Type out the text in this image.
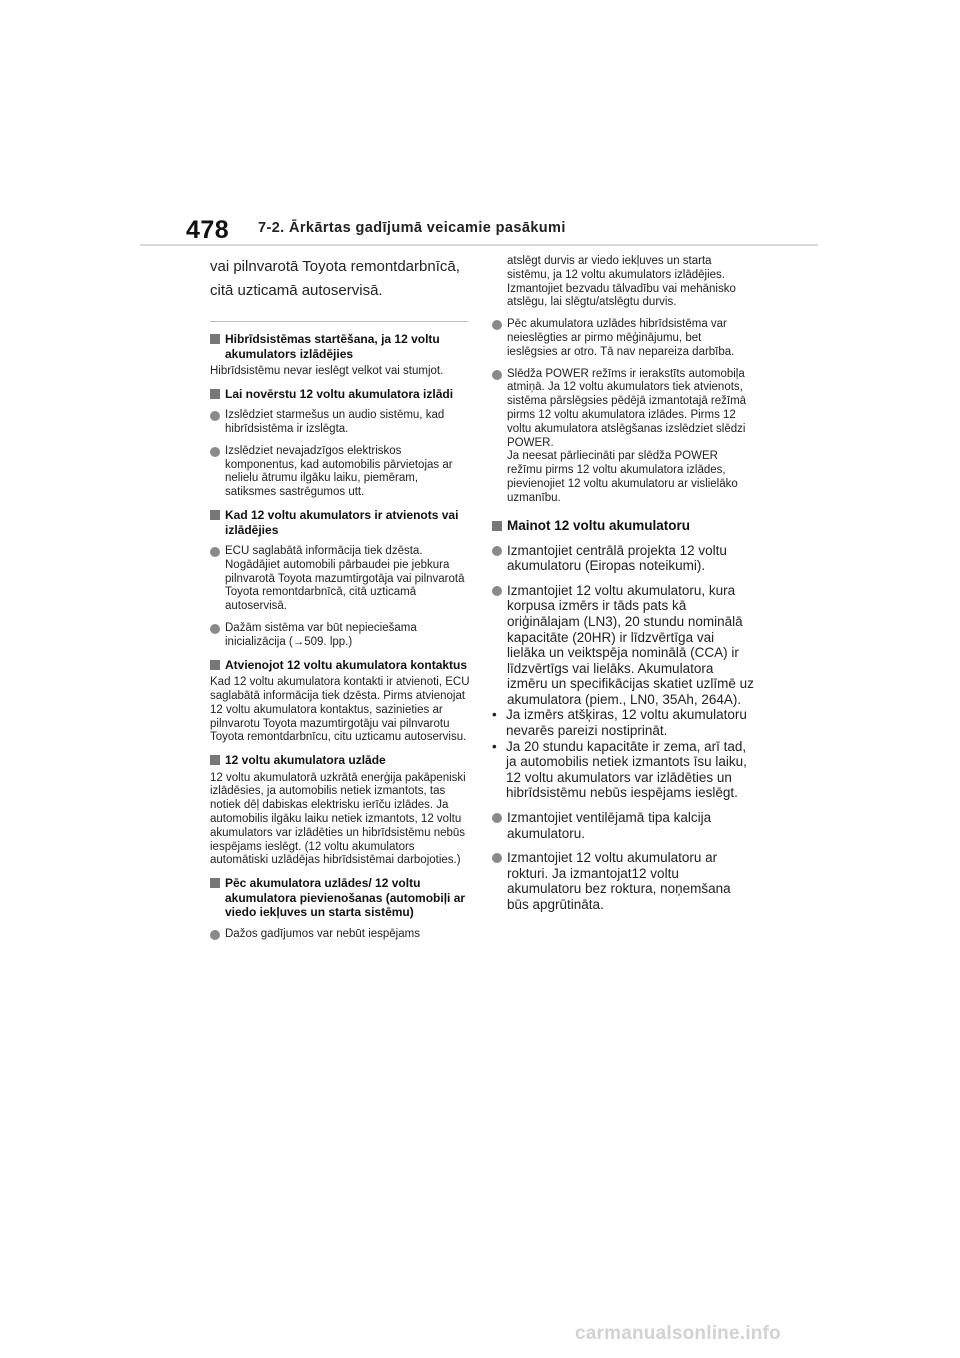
478 7-2. Ārkārtas gadījumā veicamie pasākumi
vai pilnvarotā Toyota remontdarbnīcā, citā uzticamā autoservisā.
Hibrīdsistēmas startēšana, ja 12 voltu akumulators izlādējies
Hibrīdsistēmu nevar ieslēgt velkot vai stumjot.
Lai novērstu 12 voltu akumulatora izlādi
Izslēdziet starmešus un audio sistēmu, kad hibrīdsistēma ir izslēgta.
Izslēdziet nevajadzīgos elektriskos komponentus, kad automobilis pārvietojas ar nelielu ātrumu ilgāku laiku, piemēram, satiksmes sastrēgumos utt.
Kad 12 voltu akumulators ir atvienots vai izlādējies
ECU saglabātā informācija tiek dzēsta. Nogādājiet automobili pārbaudei pie jebkura pilnvarotā Toyota mazumtirgotāja vai pilnvarotā Toyota remontdarbnīcā, citā uzticamā autoservisā.
Dažām sistēma var būt nepieciešama inicializācija (→509. lpp.)
Atvienojot 12 voltu akumulatora kontaktus
Kad 12 voltu akumulatora kontakti ir atvienoti, ECU saglabātā informācija tiek dzēsta. Pirms atvienojat 12 voltu akumulatora kontaktus, sazinieties ar pilnvarotu Toyota mazumtirgotāju vai pilnvarotu Toyota remontdarbnīcu, citu uzticamu autoservisu.
12 voltu akumulatora uzlāde
12 voltu akumulatorā uzkrātā enerģija pakāpeniski izlādēsies, ja automobilis netiek izmantots, tas notiek dēļ dabiskas elektrisku ierīču izlādes. Ja automobilis ilgāku laiku netiek izmantots, 12 voltu akumulators var izlādēties un hibrīdsistēmu nebūs iespējams ieslēgt. (12 voltu akumulators automātiski uzlādējas hibrīdsistēmai darbojoties.)
Pēc akumulatora uzlādes/ 12 voltu akumulatora pievienošanas (automobiļi ar viedo iekļuves un starta sistēmu)
Dažos gadījumos var nebūt iespējams
atslēgt durvis ar viedo iekļuves un starta sistēmu, ja 12 voltu akumulators izlādējies. Izmantojiet bezvadu tālvadību vai mehānisko atslēgu, lai slēgtu/atslēgtu durvis.
Pēc akumulatora uzlādes hibrīdsistēma var neieslēgties ar pirmo mēģinājumu, bet ieslēgsies ar otro. Tā nav nepareiza darbība.
Slēdža POWER režīms ir ierakstīts automobiļa atmiņā. Ja 12 voltu akumulators tiek atvienots, sistēma pārslēgsies pēdējā izmantotajā režīmā pirms 12 voltu akumulatora izlādes. Pirms 12 voltu akumulatora atslēgšanas izslēdziet slēdzi POWER.
Ja neesat pārliecināti par slēdža POWER režīmu pirms 12 voltu akumulatora izlādes, pievienojiet 12 voltu akumulatoru ar vislielāko uzmanību.
Mainot 12 voltu akumulatoru
Izmantojiet centrālā projekta 12 voltu akumulatoru (Eiropas noteikumi).
Izmantojiet 12 voltu akumulatoru, kura korpusa izmērs ir tāds pats kā oriģinālajam (LN3), 20 stundu nominālā kapacitāte (20HR) ir līdzvērtīga vai lielāka un veiktspēja nominālā (CCA) ir līdzvērtīgs vai lielāks. Akumulatora izmēru un specifikācijas skatiet uzlīmē uz akumulatora (piem., LN0, 35Ah, 264A).
• Ja izmērs atšķiras, 12 voltu akumulatoru nevarēs pareizi nostiprināt.
• Ja 20 stundu kapacitāte ir zema, arī tad, ja automobilis netiek izmantots īsu laiku, 12 voltu akumulators var izlādēties un hibrīdsistēmu nebūs iespējams ieslēgt.
Izmantojiet ventilējamā tipa kalcija akumulatoru.
Izmantojiet 12 voltu akumulatoru ar rokturi. Ja izmantojat12 voltu akumulatoru bez roktura, noņemšana būs apgrūtināta.
carmanualsonline.info
